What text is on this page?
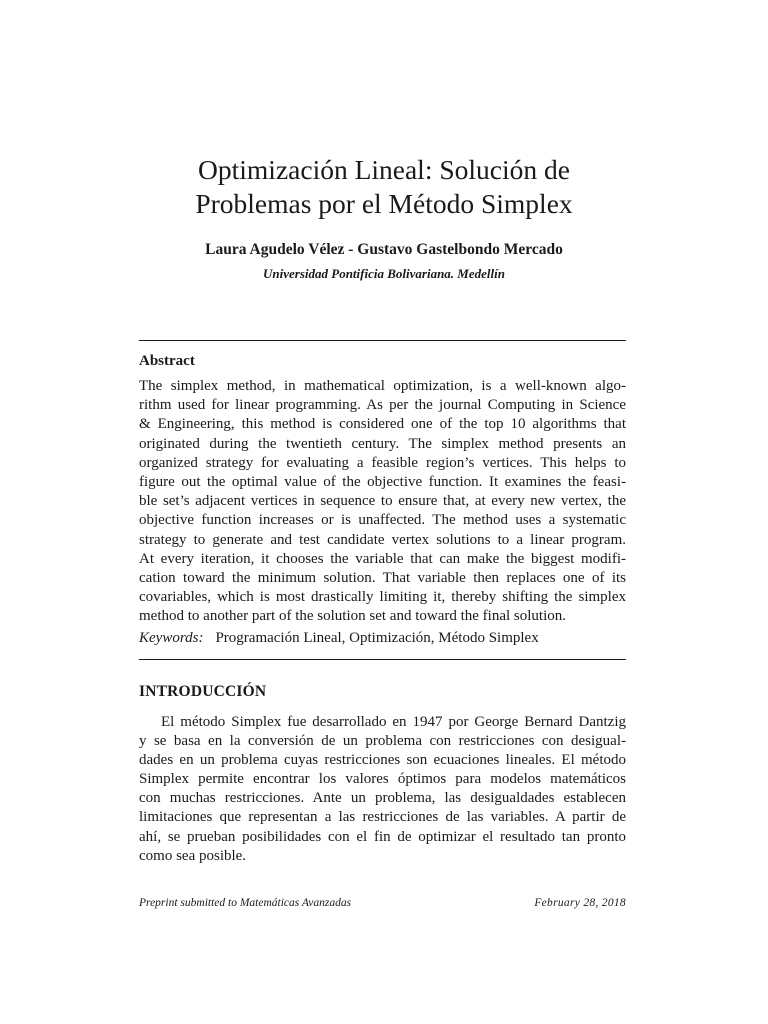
Optimización Lineal: Solución de
Problemas por el Método Simplex
Laura Agudelo Vélez - Gustavo Gastelbondo Mercado
Universidad Pontificia Bolivariana. Medellín
Abstract
The simplex method, in mathematical optimization, is a well-known algo-
rithm used for linear programming. As per the journal Computing in Science
& Engineering, this method is considered one of the top 10 algorithms that
originated during the twentieth century. The simplex method presents an
organized strategy for evaluating a feasible region’s vertices. This helps to
figure out the optimal value of the objective function. It examines the feasi-
ble set’s adjacent vertices in sequence to ensure that, at every new vertex, the
objective function increases or is unaffected. The method uses a systematic
strategy to generate and test candidate vertex solutions to a linear program.
At every iteration, it chooses the variable that can make the biggest modifi-
cation toward the minimum solution. That variable then replaces one of its
covariables, which is most drastically limiting it, thereby shifting the simplex
method to another part of the solution set and toward the final solution.
Keywords: Programación Lineal, Optimización, Método Simplex
INTRODUCCIÓN
El método Simplex fue desarrollado en 1947 por George Bernard Dantzig
y se basa en la conversión de un problema con restricciones con desigual-
dades en un problema cuyas restricciones son ecuaciones lineales. El método
Simplex permite encontrar los valores óptimos para modelos matemáticos
con muchas restricciones. Ante un problema, las desigualdades establecen
limitaciones que representan a las restricciones de las variables. A partir de
ahí, se prueban posibilidades con el fin de optimizar el resultado tan pronto
como sea posible.
Preprint submitted to Matemáticas Avanzadas	February 28, 2018
